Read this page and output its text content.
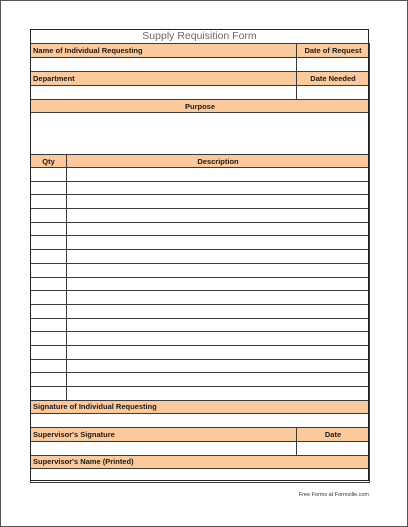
Supply Requisition Form
Name of Individual Requesting		Date of Request

Department		Date Needed

Purpose		

Qty	Description	

Signature of Individual Requesting		

Supervisor's Signature		Date

Supervisor's Name (Printed)		

Free Forms at Formville.com
